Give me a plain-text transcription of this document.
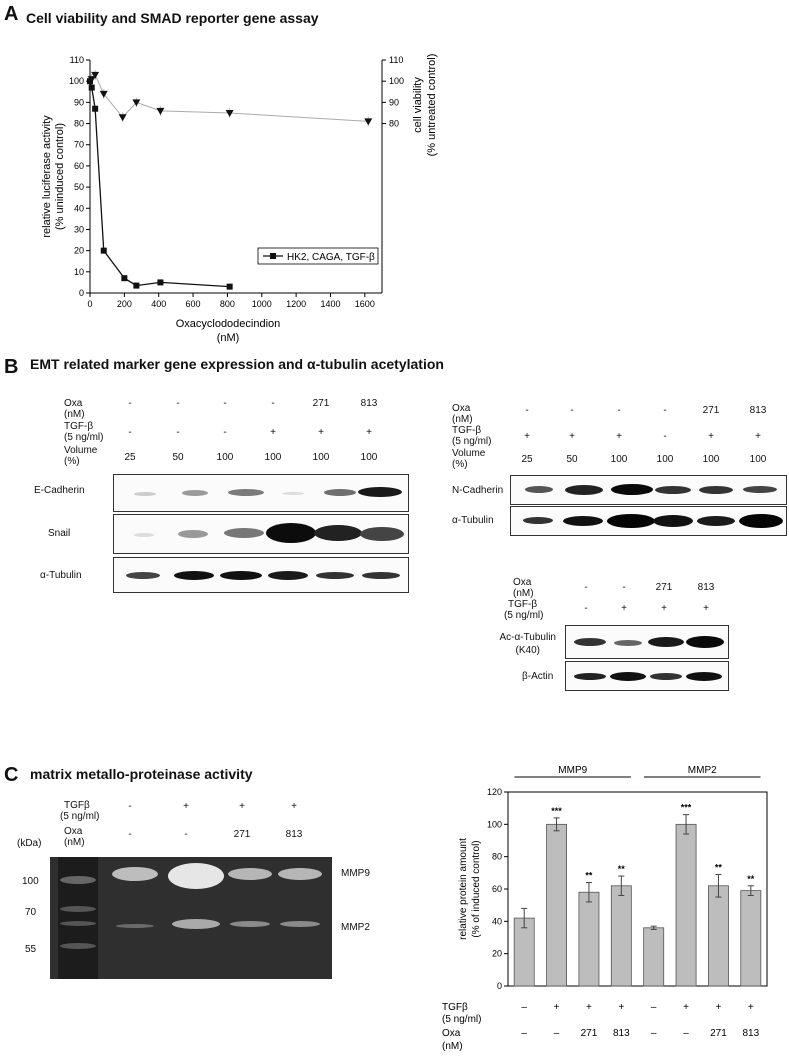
A Cell viability and SMAD reporter gene assay
0
10
20
30
40
50
60
70
80
90
100
110
0	200 400 600 800 1000 1200 1400 1600
80
90
100
110
relative luciferase activity (% uninduced control)
cell viability (% untreated control)
Oxacyclododecindion
(nM)
HK2, CAGA, TGF-β
B EMT related marker gene expression and α-tubulin acetylation
Oxa
(nM)
TGF-β
(5 ng/ml)
Volume
(%)
-	-	-	-	271	813
-	-	-	+	+	+
25	50	100	100	100	100
E-Cadherin
Snail
α-Tubulin
Oxa
(nM)
TGF-β
(5 ng/ml)
Volume
(%)
-	-	-	-	271	813
+	+	+	-	+	+
25	50	100	100	100	100
N-Cadherin
α-Tubulin
Oxa
(nM)
TGF-β
(5 ng/ml)
-	-	271	813
-	+	+	+
Ac-α-Tubulin
(K40)
β-Actin
C matrix metallo-proteinase activity
TGFβ
(5 ng/ml)
Oxa
(nM)
(kDa)
-	+	+	+
-	-	271	813
100
70
55
MMP9
MMP2
0
20
40
60
80
100
120
relative protein amount (% of induced control)
***
**
**
***
**
**
MMP9	MMP2
TGFβ
(5 ng/ml)
Oxa
(nM)
–	+	+	+	–	+	+	+
–	– 271 813 –	– 271 813
